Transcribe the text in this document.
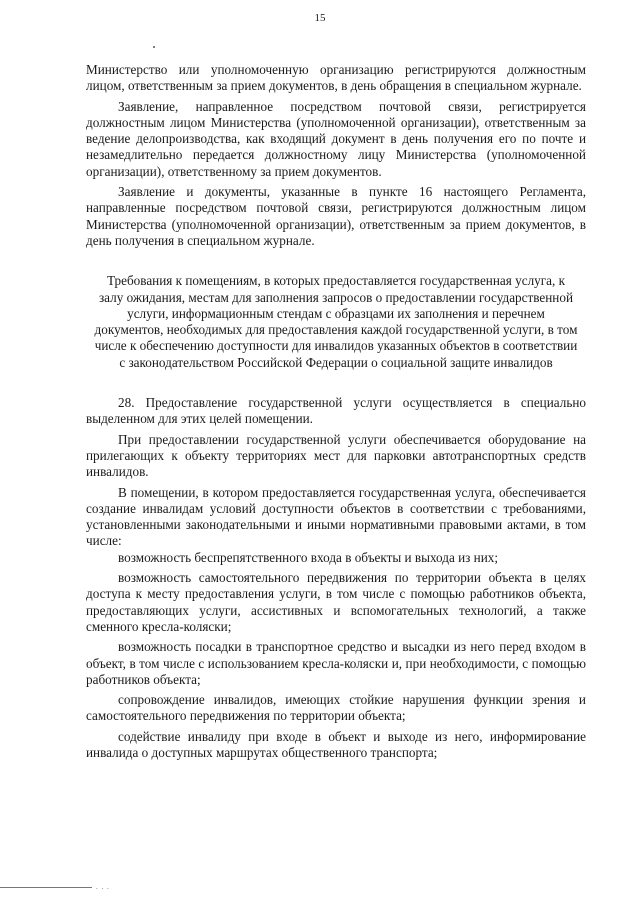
15

Министерство или уполномоченную организацию регистрируются должностным лицом, ответственным за прием документов, в день обращения в специальном журнале.

Заявление, направленное посредством почтовой связи, регистрируется должностным лицом Министерства (уполномоченной организации), ответственным за ведение делопроизводства, как входящий документ в день получения его по почте и незамедлительно передается должностному лицу Министерства (уполномоченной организации), ответственному за прием документов.

Заявление и документы, указанные в пункте 16 настоящего Регламента, направленные посредством почтовой связи, регистрируются должностным лицом Министерства (уполномоченной организации), ответственным за прием документов, в день получения в специальном журнале.

Требования к помещениям, в которых предоставляется государственная услуга, к залу ожидания, местам для заполнения запросов о предоставлении государственной услуги, информационным стендам с образцами их заполнения и перечнем документов, необходимых для предоставления каждой государственной услуги, в том числе к обеспечению доступности для инвалидов указанных объектов в соответствии с законодательством Российской Федерации о социальной защите инвалидов

28. Предоставление государственной услуги осуществляется в специально выделенном для этих целей помещении.

При предоставлении государственной услуги обеспечивается оборудование на прилегающих к объекту территориях мест для парковки автотранспортных средств инвалидов.

В помещении, в котором предоставляется государственная услуга, обеспечивается создание инвалидам условий доступности объектов в соответствии с требованиями, установленными законодательными и иными нормативными правовыми актами, в том числе:

возможность беспрепятственного входа в объекты и выхода из них;

возможность самостоятельного передвижения по территории объекта в целях доступа к месту предоставления услуги, в том числе с помощью работников объекта, предоставляющих услуги, ассистивных и вспомогательных технологий, а также сменного кресла-коляски;

возможность посадки в транспортное средство и высадки из него перед входом в объект, в том числе с использованием кресла-коляски и, при необходимости, с помощью работников объекта;

сопровождение инвалидов, имеющих стойкие нарушения функции зрения и самостоятельного передвижения по территории объекта;

содействие инвалиду при входе в объект и выходе из него, информирование инвалида о доступных маршрутах общественного транспорта;

. . .
